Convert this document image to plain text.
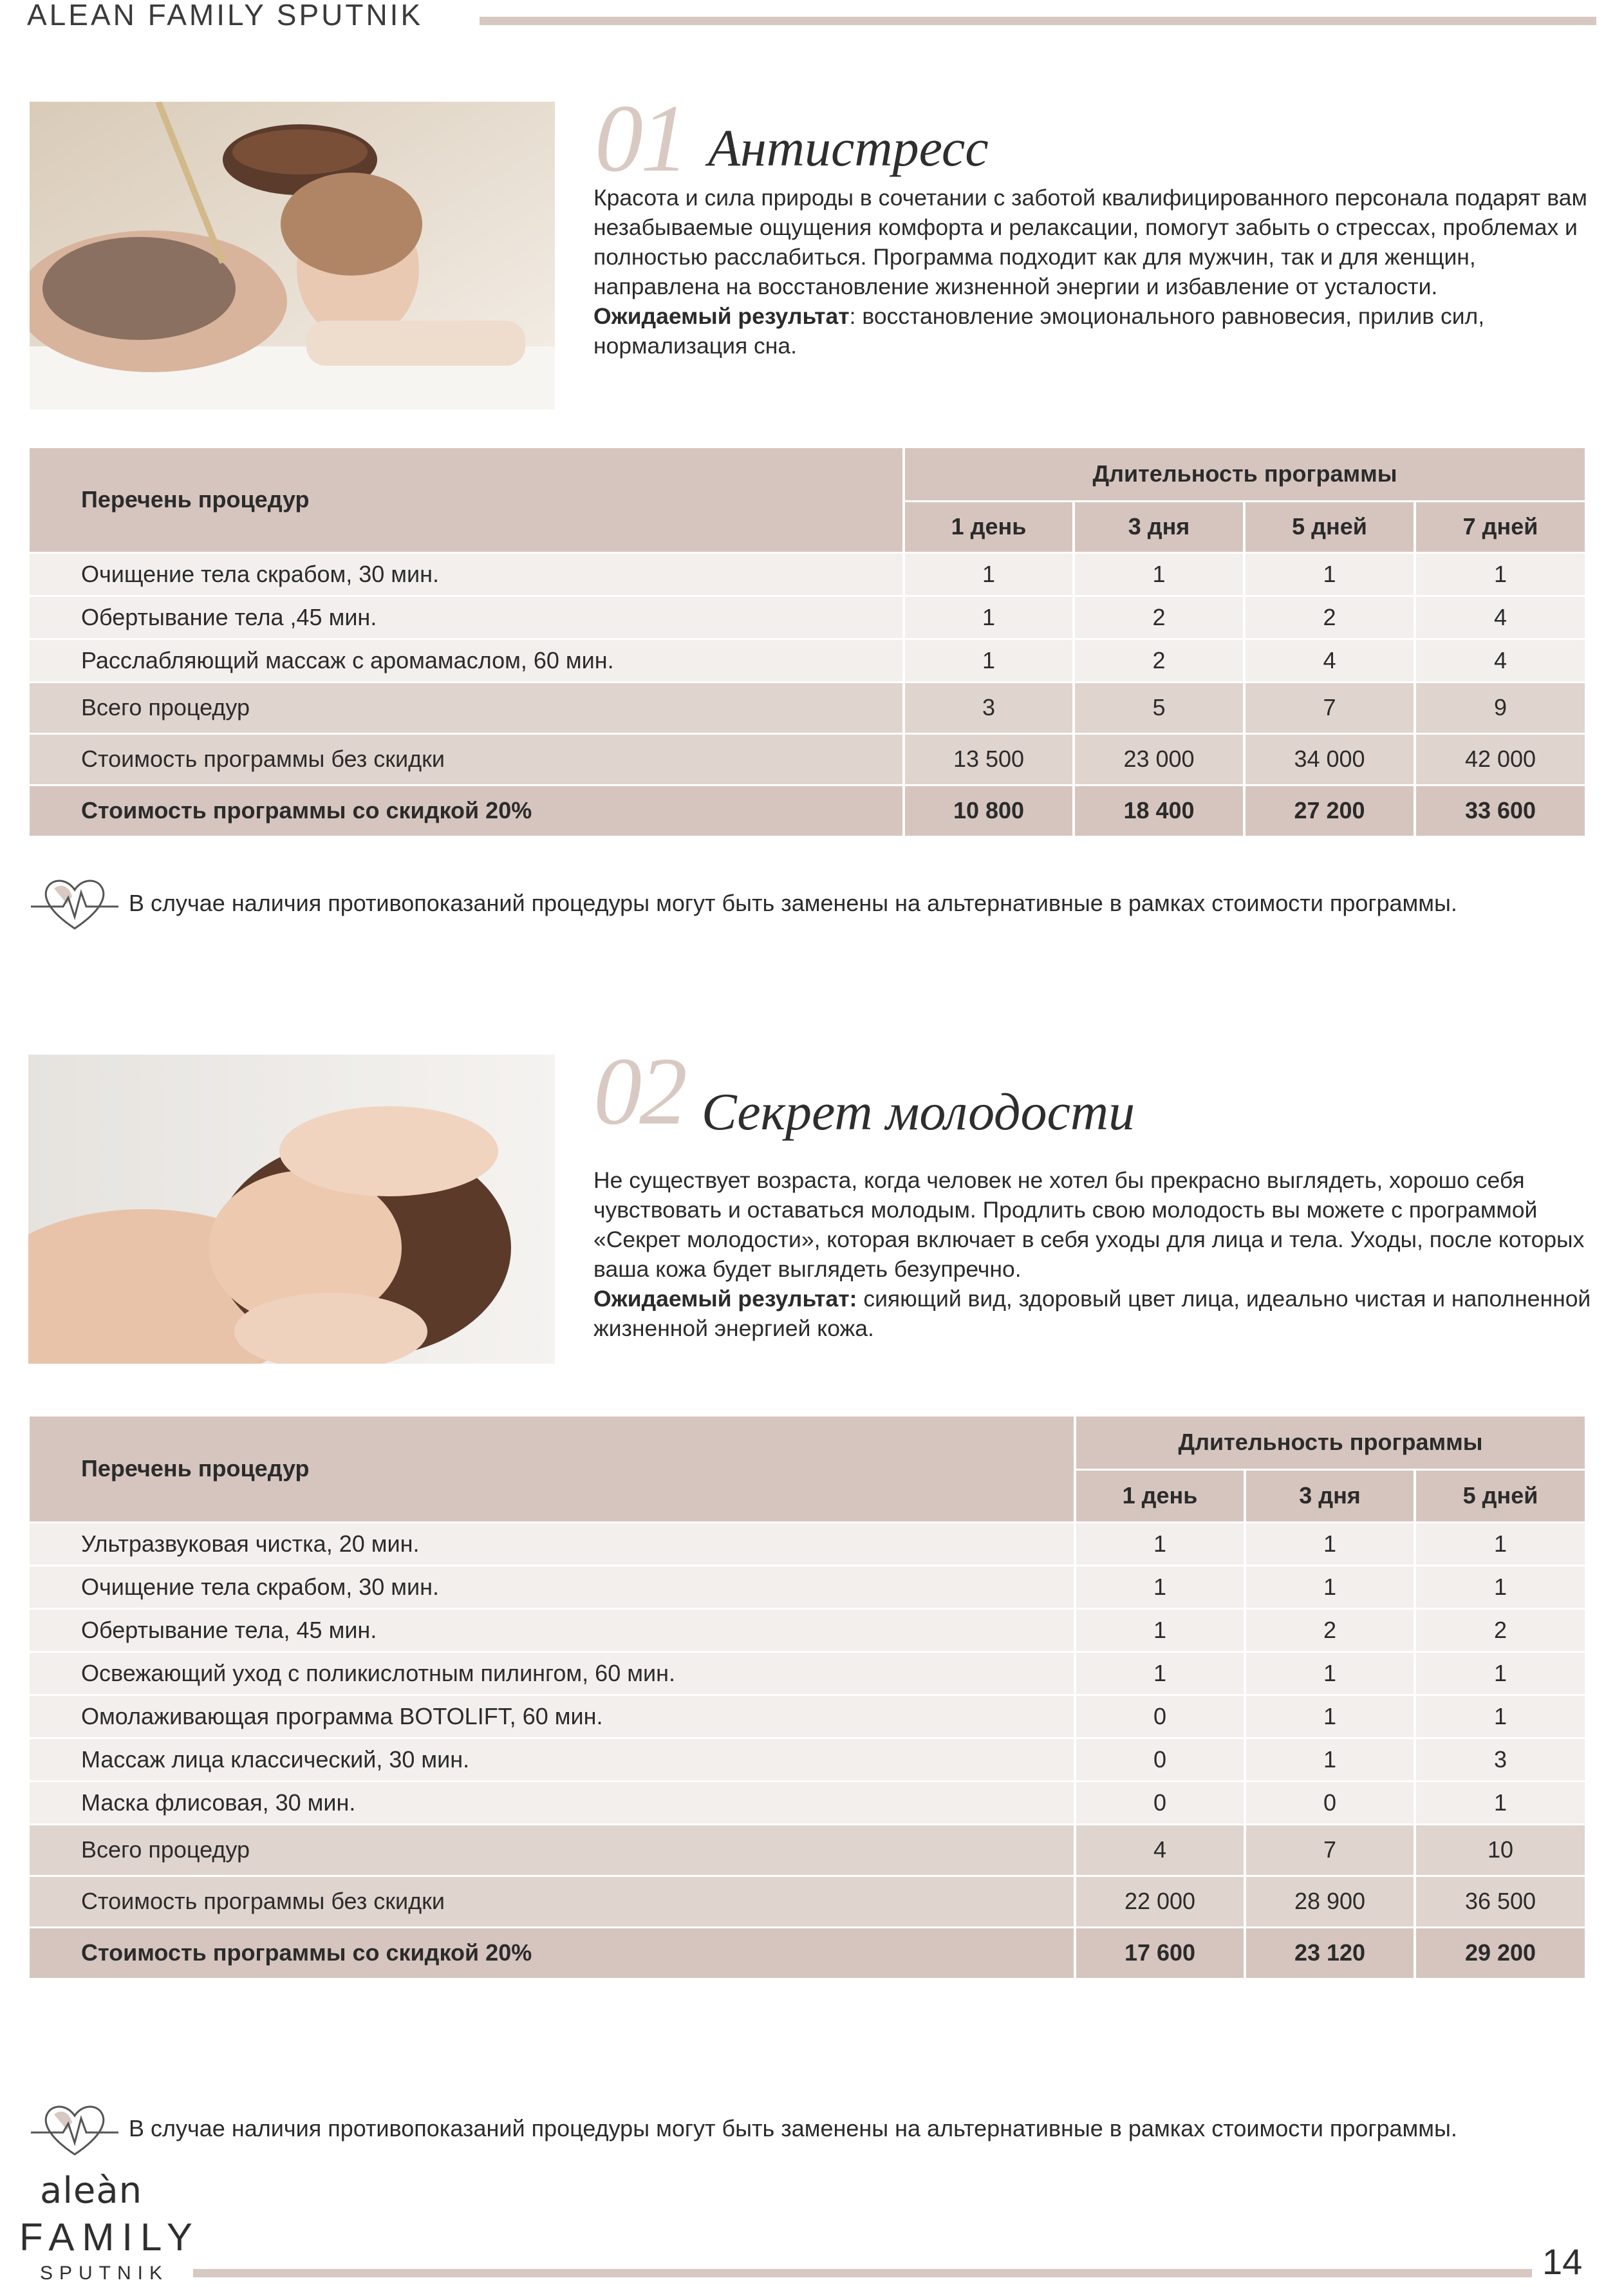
ALEAN FAMILY SPUTNIK
01 Антистресс

Красота и сила природы в сочетании с заботой квалифицированного персонала подарят вам незабываемые ощущения комфорта и релаксации, помогут забыть о стрессах, проблемах и полностью расслабиться. Программа подходит как для мужчин, так и для женщин, направлена на восстановление жизненной энергии и избавление от усталости.

Ожидаемый результат: восстановление эмоционального равновесия, прилив сил, нормализация сна.

Перечень процедур	Длительность программы			
	1 день	3 дня	5 дней	7 дней
Очищение тела скрабом, 30 мин.	1	1	1	1
Обертывание тела ,45 мин.	1	2	2	4
Расслабляющий массаж с аромамаслом, 60 мин.	1	2	4	4
Всего процедур	3	5	7	9
Стоимость программы без скидки	13 500	23 000	34 000	42 000
Стоимость программы со скидкой 20%	10 800	18 400	27 200	33 600
В случае наличия противопоказаний процедуры могут быть заменены на альтернативные в рамках стоимости программы.
02 Секрет молодости

Не существует возраста, когда человек не хотел бы прекрасно выглядеть, хорошо себя чувствовать и оставаться молодым. Продлить свою молодость вы можете с программой «Секрет молодости», которая включает в себя уходы для лица и тела. Уходы, после которых ваша кожа будет выглядеть безупречно.

Ожидаемый результат: сияющий вид, здоровый цвет лица, идеально чистая и наполненной жизненной энергией кожа.

Перечень процедур	Длительность программы		
	1 день	3 дня	5 дней
Ультразвуковая чистка, 20 мин.	1	1	1
Очищение тела скрабом, 30 мин.	1	1	1
Обертывание тела, 45 мин.	1	2	2
Освежающий уход с поликислотным пилингом, 60 мин.	1	1	1
Омолаживающая программа BOTOLIFT, 60 мин.	0	1	1
Массаж лица классический, 30 мин.	0	1	3
Маска флисовая, 30 мин.	0	0	1
Всего процедур	4	7	10
Стоимость программы без скидки	22 000	28 900	36 500
Стоимость программы со скидкой 20%	17 600	23 120	29 200
В случае наличия противопоказаний процедуры могут быть заменены на альтернативные в рамках стоимости программы.
aleàn
FAMILY
SPUTNIK	14
